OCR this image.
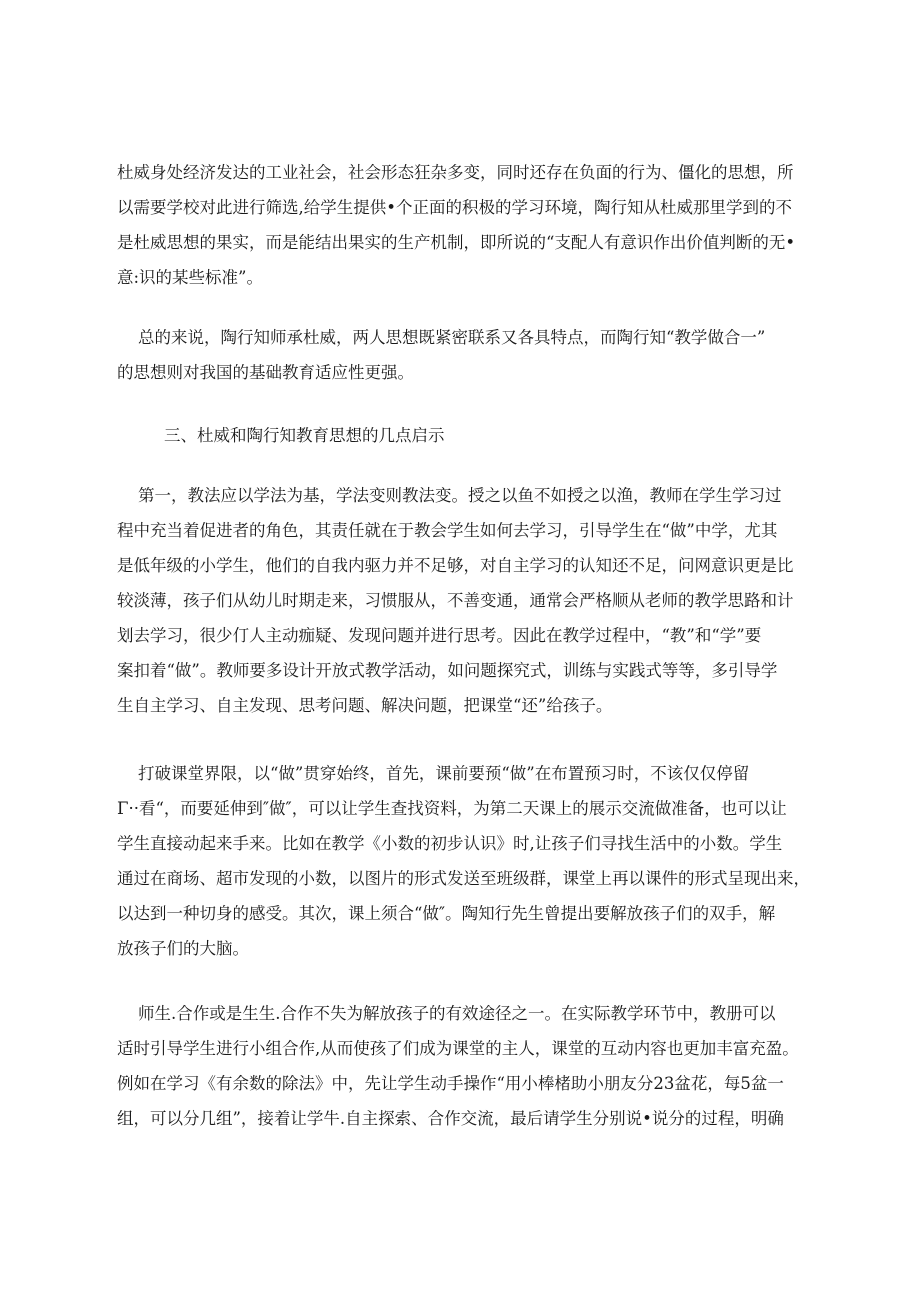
杜威身处经济发达的工业社会，社会形态狂杂多变，同时还存在负面的行为、僵化的思想，所
以需要学校对此进行筛选,给学生提供•个正面的积极的学习环境，陶行知从杜威那里学到的不
是杜威思想的果实，而是能结出果实的生产机制，即所说的“支配人有意识作出价值判断的无•
意:识的某些标准”。
总的来说，陶行知师承杜威，两人思想既紧密联系又各具特点，而陶行知“教学做合一”
的思想则对我国的基础教育适应性更强。
三、杜威和陶行知教育思想的几点启示
第一，教法应以学法为基，学法变则教法变。授之以鱼不如授之以渔，教师在学生学习过
程中充当着促进者的角色，其责任就在于教会学生如何去学习，引导学生在“做”中学，尤其
是低年级的小学生，他们的自我内驱力并不足够，对自主学习的认知还不足，问网意识更是比
较淡薄，孩子们从幼儿时期走来，习惯服从，不善变通，通常会严格顺从老师的教学思路和计
划去学习，很少仃人主动痂疑、发现问题并进行思考。因此在教学过程中，“教”和“学”要
案扣着“做”。教师要多设计开放式教学活动，如问题探究式，训练与实践式等等，多引导学
生自主学习、自主发现、思考问题、解决问题，把课堂“还”给孩子。
打破课堂界限，以“做”贯穿始终，首先，课前要预“做”在布置预习时，不该仅仅停留
Γ··看“，而要延伸到″做″，可以让学生查找资料，为第二天课上的展示交流做准备，也可以让
学生直接动起来手来。比如在教学《小数的初步认识》时,让孩子们寻找生活中的小数。学生
通过在商场、超市发现的小数，以图片的形式发送至班级群，课堂上再以课件的形式呈现出来，
以达到一种切身的感受。其次，课上须合“做″。陶知行先生曾提出要解放孩子们的双手，解
放孩子们的大脑。
师生.合作或是生生.合作不失为解放孩子的有效途径之一。在实际教学环节中，教册可以
适时引导学生进行小组合作,从而使孩了们成为课堂的主人，课堂的互动内容也更加丰富充盈。
例如在学习《有余数的除法》中，先让学生动手操作“用小棒楮助小朋友分23盆花，每5盆一
组，可以分几组”，接着让学牛.自主探索、合作交流，最后请学生分别说•说分的过程，明确
